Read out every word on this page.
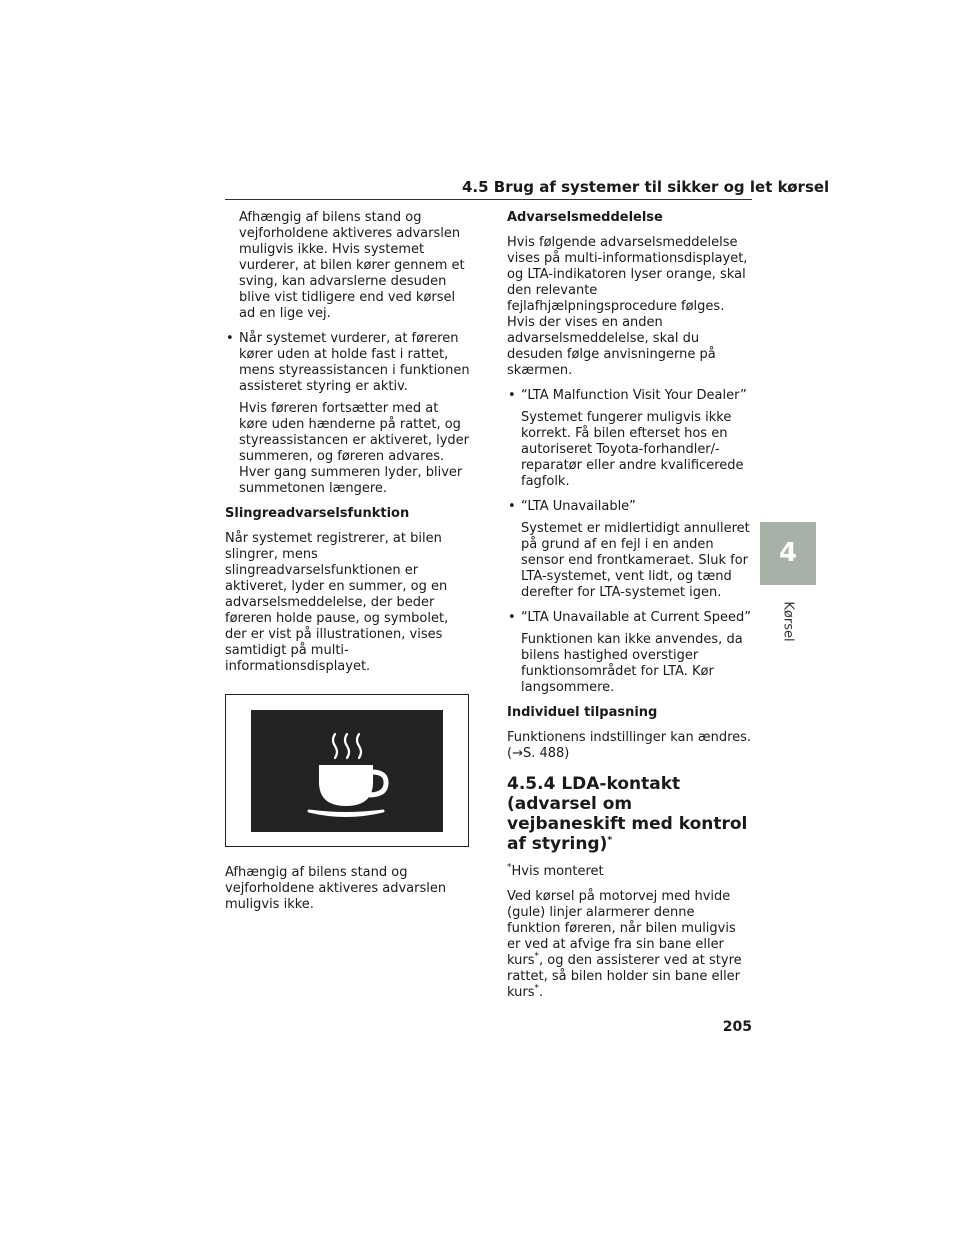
4.5 Brug af systemer til sikker og let kørsel

Afhængig af bilens stand og vejforholdene aktiveres advarslen muligvis ikke. Hvis systemet vurderer, at bilen kører gennem et sving, kan advarslerne desuden blive vist tidligere end ved kørsel ad en lige vej.

• Når systemet vurderer, at føreren kører uden at holde fast i rattet, mens styreassistancen i funktionen assisteret styring er aktiv.

Hvis føreren fortsætter med at køre uden hænderne på rattet, og styreassistancen er aktiveret, lyder summeren, og føreren advares. Hver gang summeren lyder, bliver summetonen længere.

Slingreadvarselsfunktion

Når systemet registrerer, at bilen slingrer, mens slingreadvarselsfunktionen er aktiveret, lyder en summer, og en advarselsmeddelelse, der beder føreren holde pause, og symbolet, der er vist på illustrationen, vises samtidigt på multi-informationsdisplayet.

Afhængig af bilens stand og vejforholdene aktiveres advarslen muligvis ikke.

Advarselsmeddelelse

Hvis følgende advarselsmeddelelse vises på multi-informationsdisplayet, og LTA-indikatoren lyser orange, skal den relevante fejlafhjælpningsprocedure følges. Hvis der vises en anden advarselsmeddelelse, skal du desuden følge anvisningerne på skærmen.

• “LTA Malfunction Visit Your Dealer”

Systemet fungerer muligvis ikke korrekt. Få bilen efterset hos en autoriseret Toyota-forhandler/-reparatør eller andre kvalificerede fagfolk.

• “LTA Unavailable”

Systemet er midlertidigt annulleret på grund af en fejl i en anden sensor end frontkameraet. Sluk for LTA-systemet, vent lidt, og tænd derefter for LTA-systemet igen.

• “LTA Unavailable at Current Speed”

Funktionen kan ikke anvendes, da bilens hastighed overstiger funktionsområdet for LTA. Kør langsommere.

Individuel tilpasning

Funktionens indstillinger kan ændres. (→S. 488)

4.5.4 LDA-kontakt (advarsel om vejbaneskift med kontrol af styring)*

*Hvis monteret

Ved kørsel på motorvej med hvide (gule) linjer alarmerer denne funktion føreren, når bilen muligvis er ved at afvige fra sin bane eller kurs*, og den assisterer ved at styre rattet, så bilen holder sin bane eller kurs*.

4
Kørsel
205
